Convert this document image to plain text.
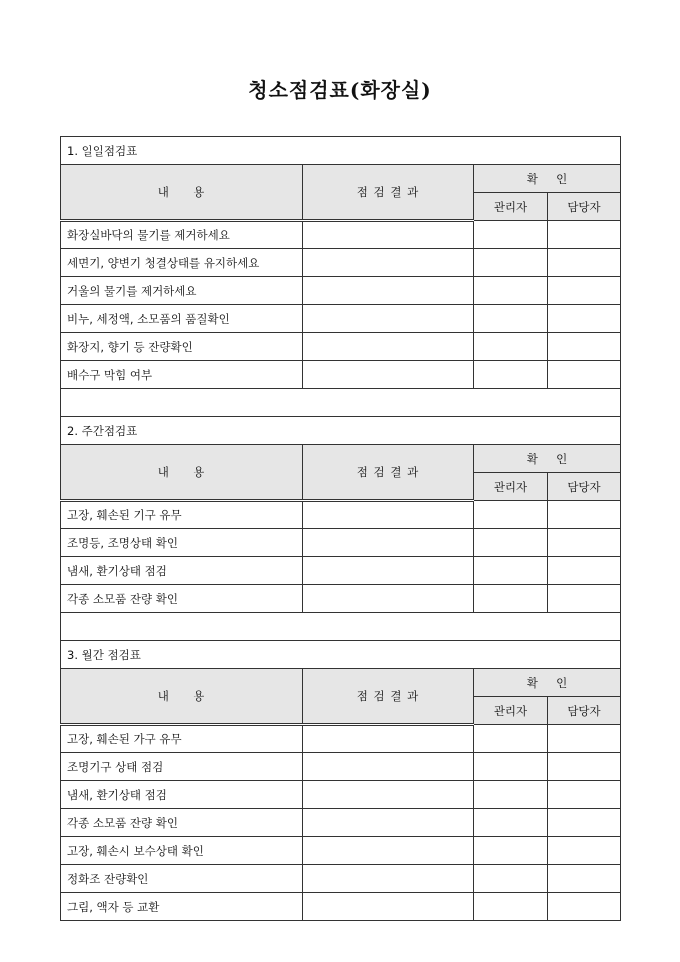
청소점검표(화장실)
1. 일일점검표			
내     용	점 검 결 과	확     인	
		관리자	담당자
화장실바닥의 물기를 제거하세요			
세면기, 양변기 청결상태를 유지하세요			
거울의 물기를 제거하세요			
비누, 세정액, 소모품의 품질확인			
화장지, 향기 등 잔량확인			
배수구 막힘 여부			

2. 주간점검표			
내     용	점 검 결 과	확     인	
		관리자	담당자
고장, 훼손된 기구 유무			
조명등, 조명상태 확인			
냄새, 환기상태 점검			
각종 소모품 잔량 확인			

3. 월간 점검표			
내     용	점 검 결 과	확     인	
		관리자	담당자
고장, 훼손된 가구 유무			
조명기구 상태 점검			
냄새, 환기상태 점검			
각종 소모품 잔량 확인			
고장, 훼손시 보수상태 확인			
정화조 잔량확인			
그림, 액자 등 교환			
